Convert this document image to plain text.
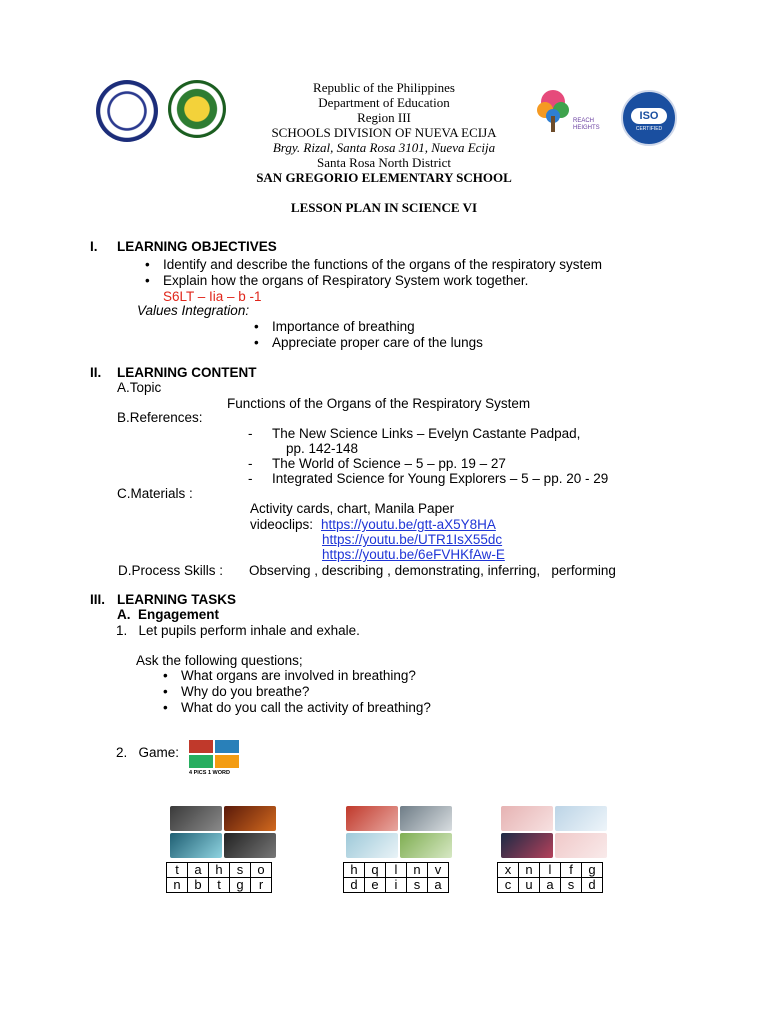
REACH
HEIGHTS
ISO
CERTIFIED
Republic of the Philippines
Department of Education
Region III
SCHOOLS DIVISION OF NUEVA ECIJA
Brgy. Rizal, Santa Rosa 3101, Nueva Ecija
Santa Rosa North District
SAN GREGORIO ELEMENTARY SCHOOL
LESSON PLAN IN SCIENCE VI
I. LEARNING OBJECTIVES
• Identify and describe the functions of the organs of the respiratory system
• Explain how the organs of Respiratory System work together.
S6LT – Iia – b -1
Values Integration:
• Importance of breathing
• Appreciate proper care of the lungs
II. LEARNING CONTENT
A.Topic
Functions of the Organs of the Respiratory System
B.References:
- The New Science Links – Evelyn Castante Padpad,
pp. 142-148
- The World of Science – 5 – pp. 19 – 27
- Integrated Science for Young Explorers – 5 – pp. 20 - 29
C.Materials :
Activity cards, chart, Manila Paper
videoclips: https://youtu.be/gtt-aX5Y8HA
https://youtu.be/UTR1IsX55dc
https://youtu.be/6eFVHKfAw-E
D.Process Skills : Observing , describing , demonstrating, inferring,   performing
III. LEARNING TASKS
A.  Engagement
1.   Let pupils perform inhale and exhale.
Ask the following questions;
• What organs are involved in breathing?
• Why do you breathe?
• What do you call the activity of breathing?
2.   Game:
4 PICS 1 WORD
t	a	h	s	o
n	b	t	g	r
h	q	l	n	v
d	e	i	s	a
x	n	l	f	g
c	u	a	s	d
